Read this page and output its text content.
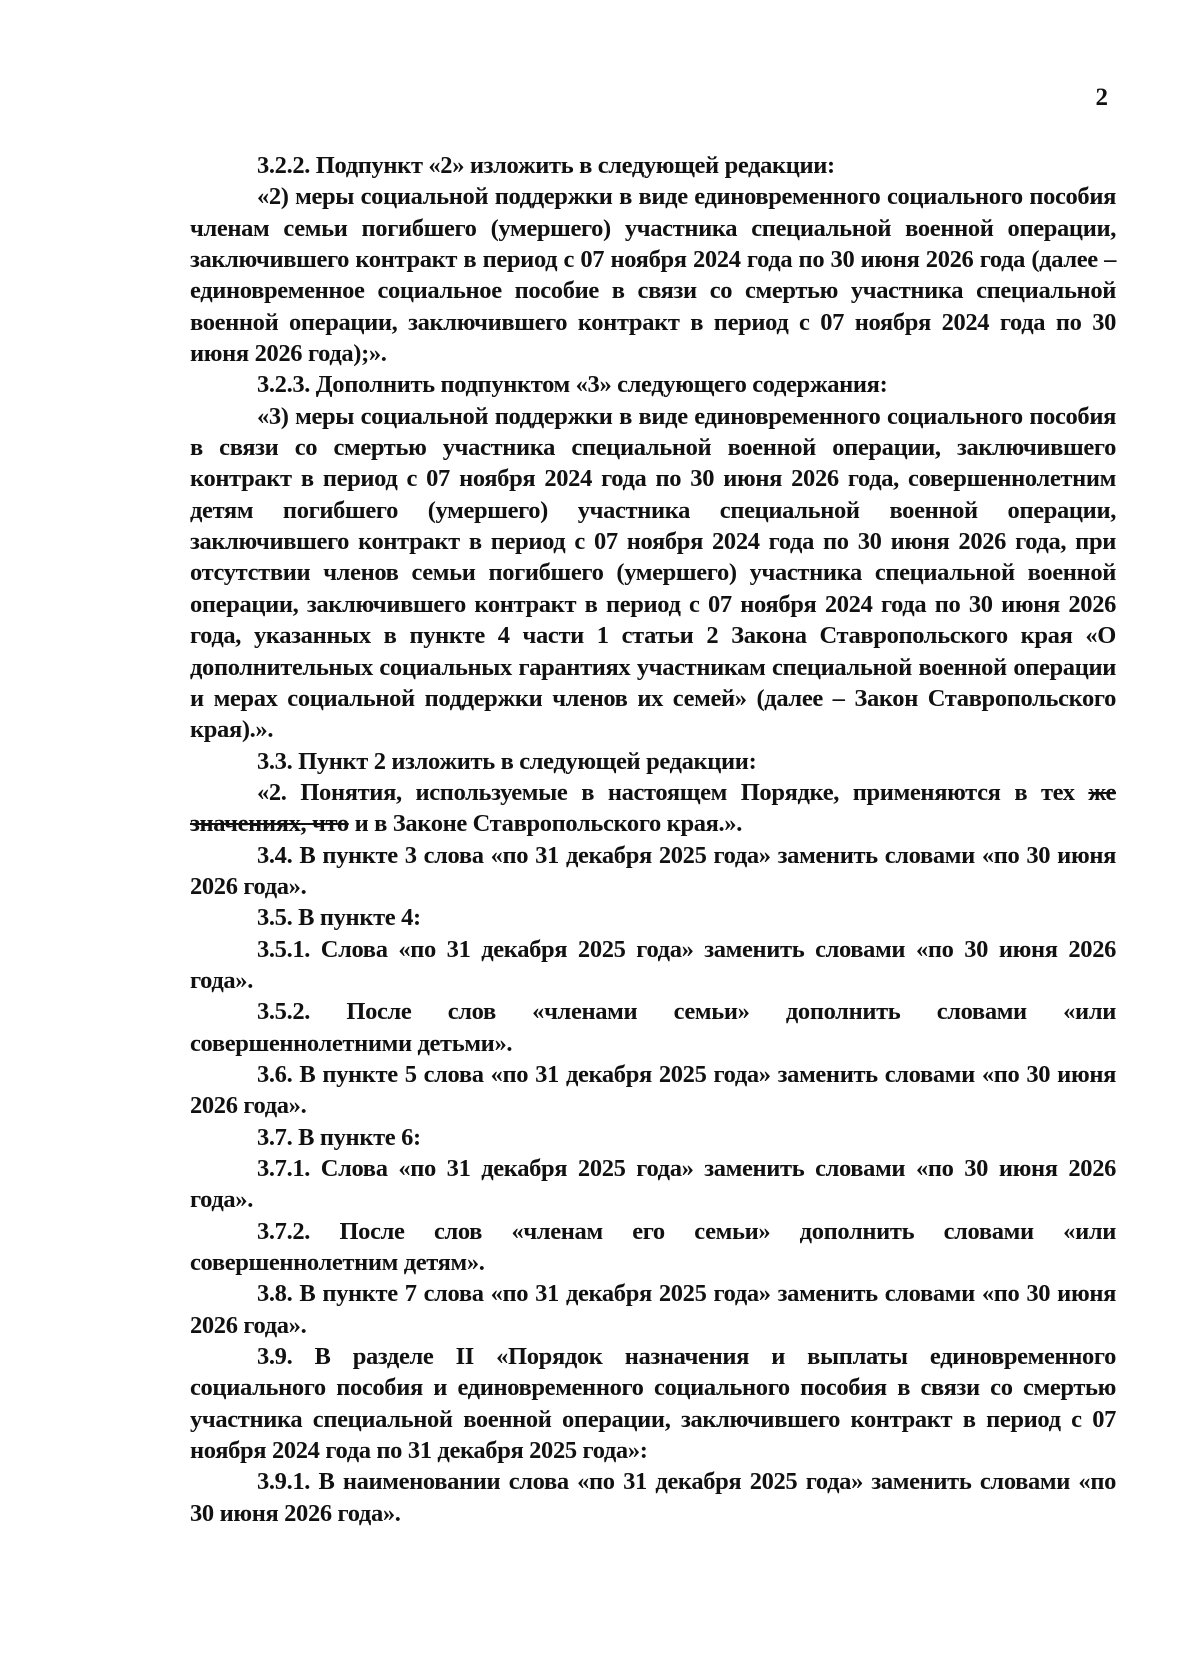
2

3.2.2. Подпункт «2» изложить в следующей редакции:

«2) меры социальной поддержки в виде единовременного социального пособия членам семьи погибшего (умершего) участника специальной военной операции, заключившего контракт в период с 07 ноября 2024 года по 30 июня 2026 года (далее – единовременное социальное пособие в связи со смертью участника специальной военной операции, заключившего контракт в период с 07 ноября 2024 года по 30 июня 2026 года);».

3.2.3. Дополнить подпунктом «3» следующего содержания:

«3) меры социальной поддержки в виде единовременного социального пособия в связи со смертью участника специальной военной операции, заключившего контракт в период с 07 ноября 2024 года по 30 июня 2026 года, совершеннолетним детям погибшего (умершего) участника специальной военной операции, заключившего контракт в период с 07 ноября 2024 года по 30 июня 2026 года, при отсутствии членов семьи погибшего (умершего) участника специальной военной операции, заключившего контракт в период с 07 ноября 2024 года по 30 июня 2026 года, указанных в пункте 4 части 1 статьи 2 Закона Ставропольского края «О дополнительных социальных гарантиях участникам специальной военной операции и мерах социальной поддержки членов их семей» (далее – Закон Ставропольского края).».

3.3. Пункт 2 изложить в следующей редакции:

«2. Понятия, используемые в настоящем Порядке, применяются в тех же значениях, что и в Законе Ставропольского края.».

3.4. В пункте 3 слова «по 31 декабря 2025 года» заменить словами «по 30 июня 2026 года».

3.5. В пункте 4:

3.5.1. Слова «по 31 декабря 2025 года» заменить словами «по 30 июня 2026 года».

3.5.2. После слов «членами семьи» дополнить словами «или совершеннолетними детьми».

3.6. В пункте 5 слова «по 31 декабря 2025 года» заменить словами «по 30 июня 2026 года».

3.7. В пункте 6:

3.7.1. Слова «по 31 декабря 2025 года» заменить словами «по 30 июня 2026 года».

3.7.2. После слов «членам его семьи» дополнить словами «или совершеннолетним детям».

3.8. В пункте 7 слова «по 31 декабря 2025 года» заменить словами «по 30 июня 2026 года».

3.9. В разделе II «Порядок назначения и выплаты единовременного социального пособия и единовременного социального пособия в связи со смертью участника специальной военной операции, заключившего контракт в период с 07 ноября 2024 года по 31 декабря 2025 года»:

3.9.1. В наименовании слова «по 31 декабря 2025 года» заменить словами «по 30 июня 2026 года».
